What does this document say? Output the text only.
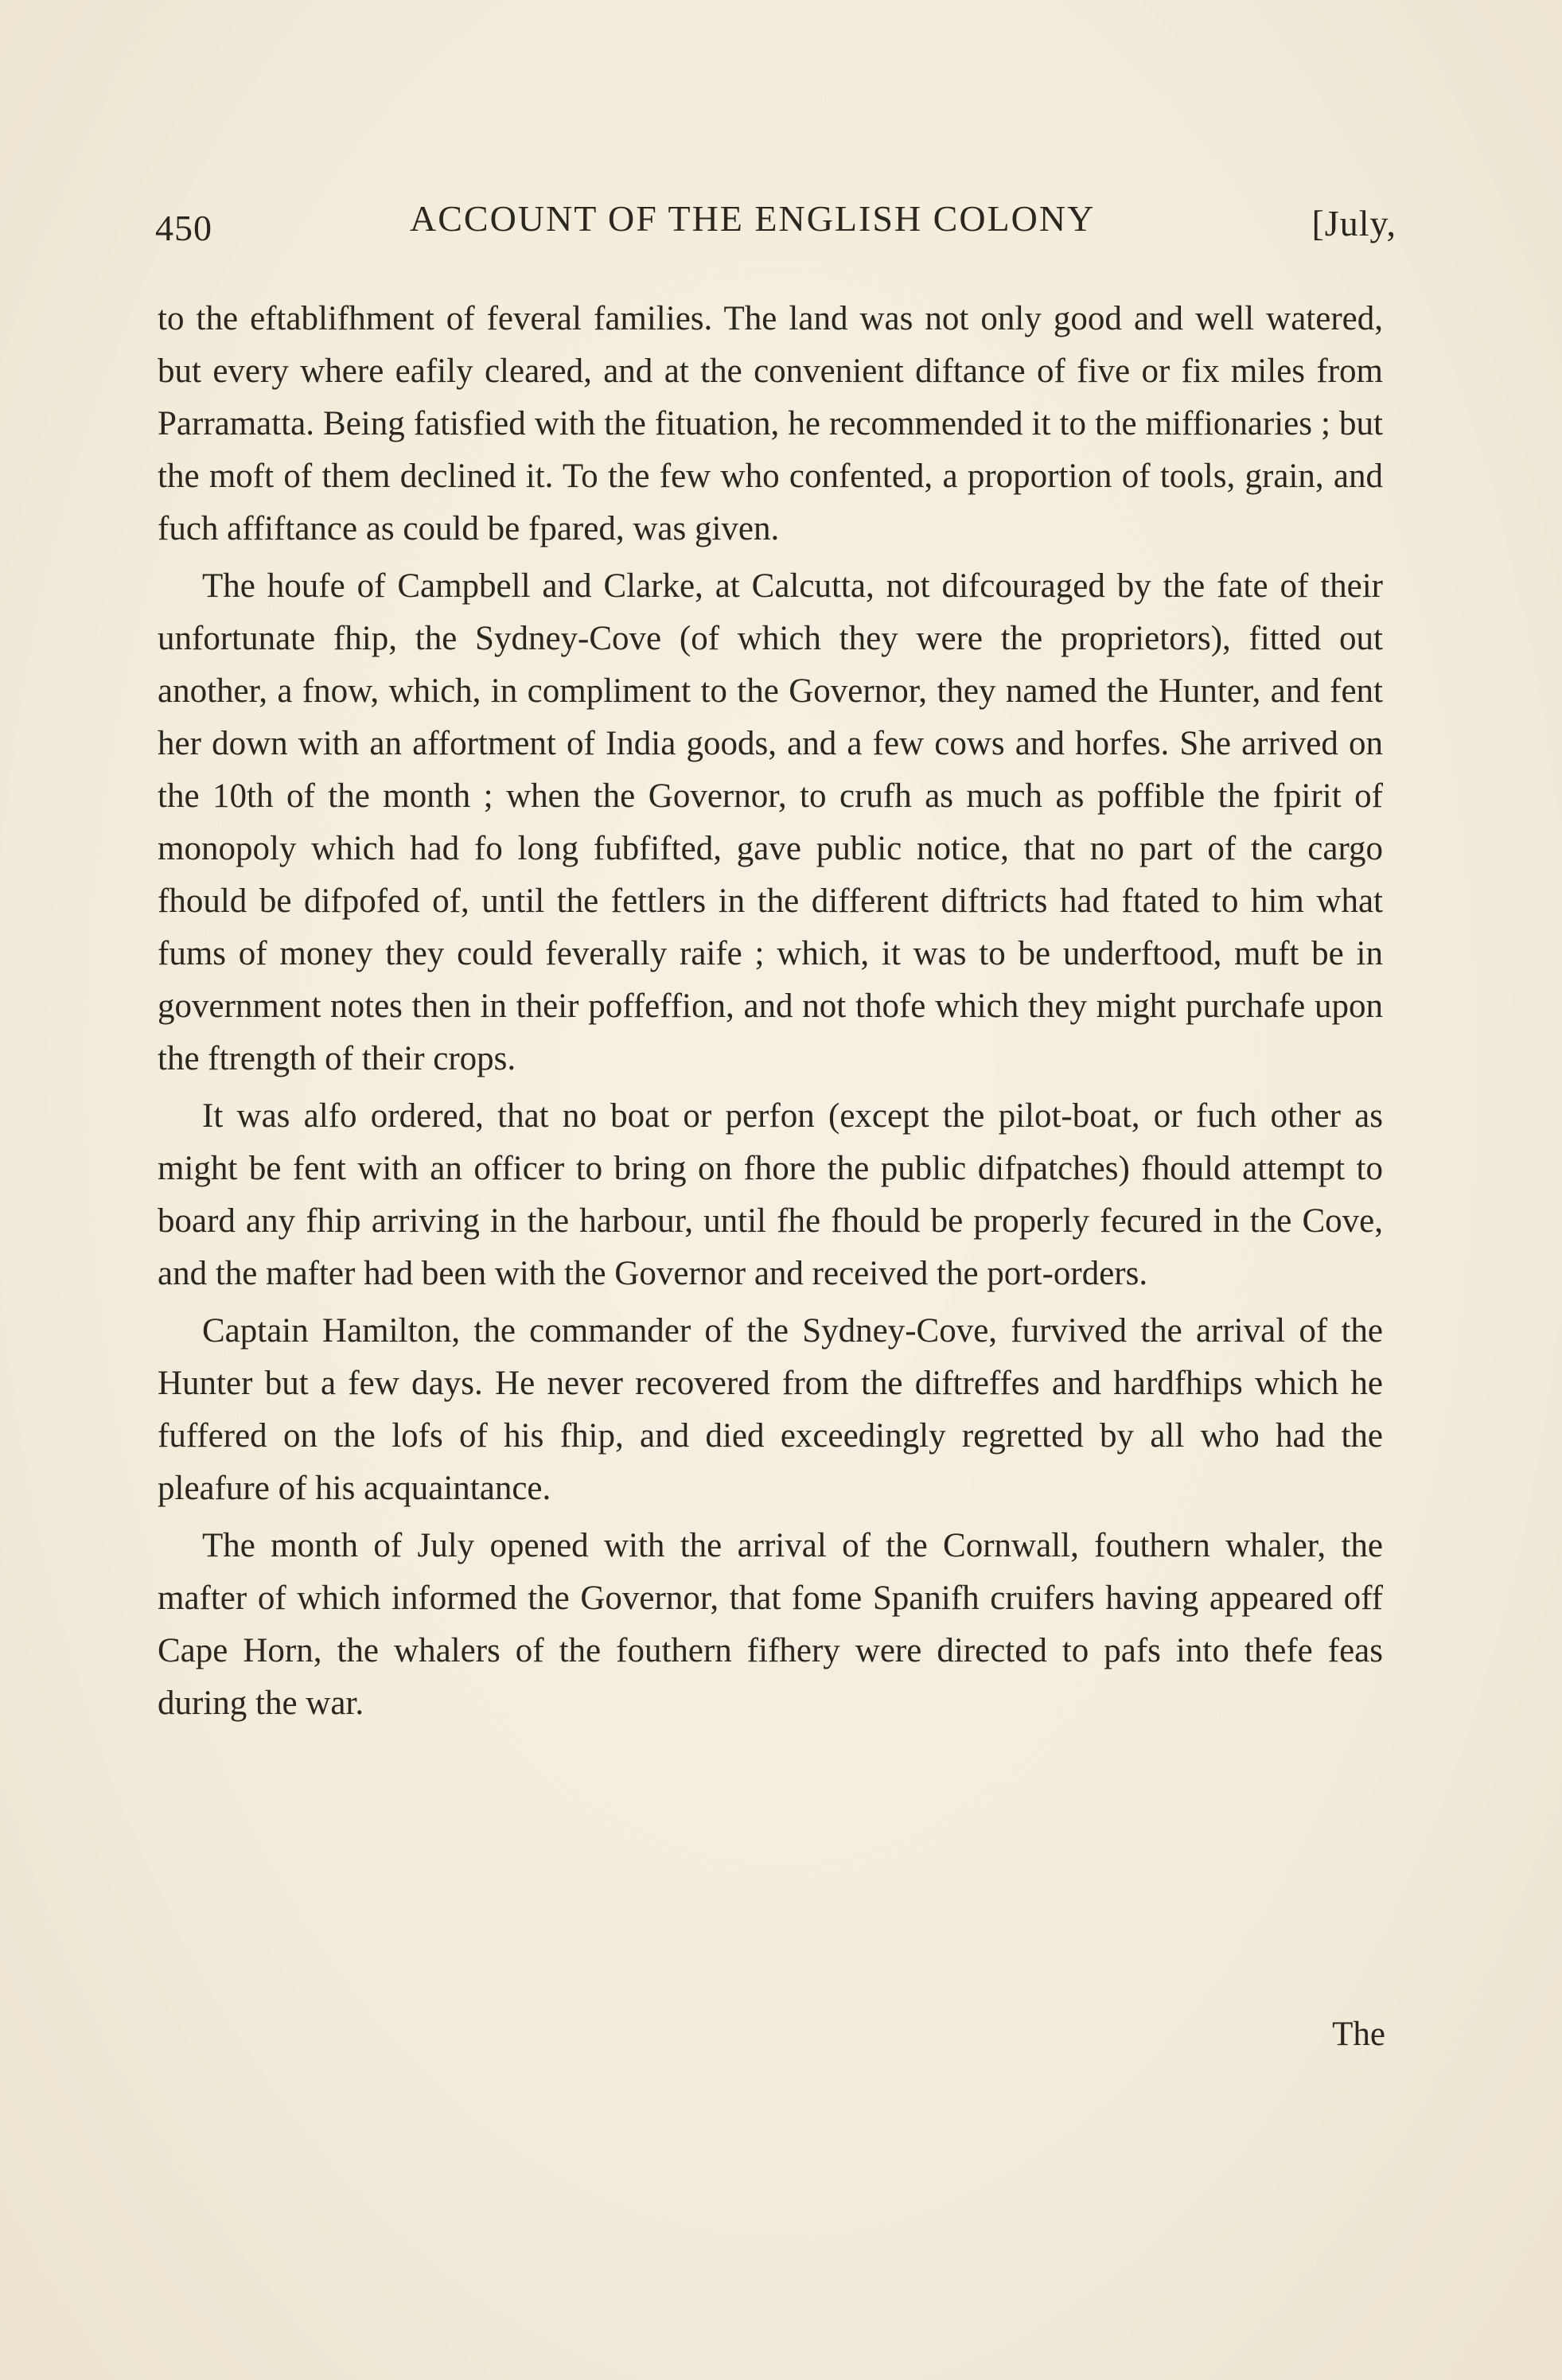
450	ACCOUNT OF THE ENGLISH COLONY	[July,

to the eftablifhment of feveral families. The land was not only good and well watered, but every where eafily cleared, and at the convenient diftance of five or fix miles from Parramatta. Being fatisfied with the fituation, he recommended it to the miffionaries ; but the moft of them declined it. To the few who confented, a proportion of tools, grain, and fuch affiftance as could be fpared, was given.

The houfe of Campbell and Clarke, at Calcutta, not difcouraged by the fate of their unfortunate fhip, the Sydney-Cove (of which they were the proprietors), fitted out another, a fnow, which, in compliment to the Governor, they named the Hunter, and fent her down with an affortment of India goods, and a few cows and horfes. She arrived on the 10th of the month ; when the Governor, to crufh as much as poffible the fpirit of monopoly which had fo long fubfifted, gave public notice, that no part of the cargo fhould be difpofed of, until the fettlers in the different diftricts had ftated to him what fums of money they could feverally raife ; which, it was to be underftood, muft be in government notes then in their poffeffion, and not thofe which they might purchafe upon the ftrength of their crops.

It was alfo ordered, that no boat or perfon (except the pilot-boat, or fuch other as might be fent with an officer to bring on fhore the public difpatches) fhould attempt to board any fhip arriving in the harbour, until fhe fhould be properly fecured in the Cove, and the mafter had been with the Governor and received the port-orders.

Captain Hamilton, the commander of the Sydney-Cove, furvived the arrival of the Hunter but a few days. He never recovered from the diftreffes and hardfhips which he fuffered on the lofs of his fhip, and died exceedingly regretted by all who had the pleafure of his acquaintance.

The month of July opened with the arrival of the Cornwall, fouthern whaler, the mafter of which informed the Governor, that fome Spanifh cruifers having appeared off Cape Horn, the whalers of the fouthern fifhery were directed to pafs into thefe feas during the war.

The
